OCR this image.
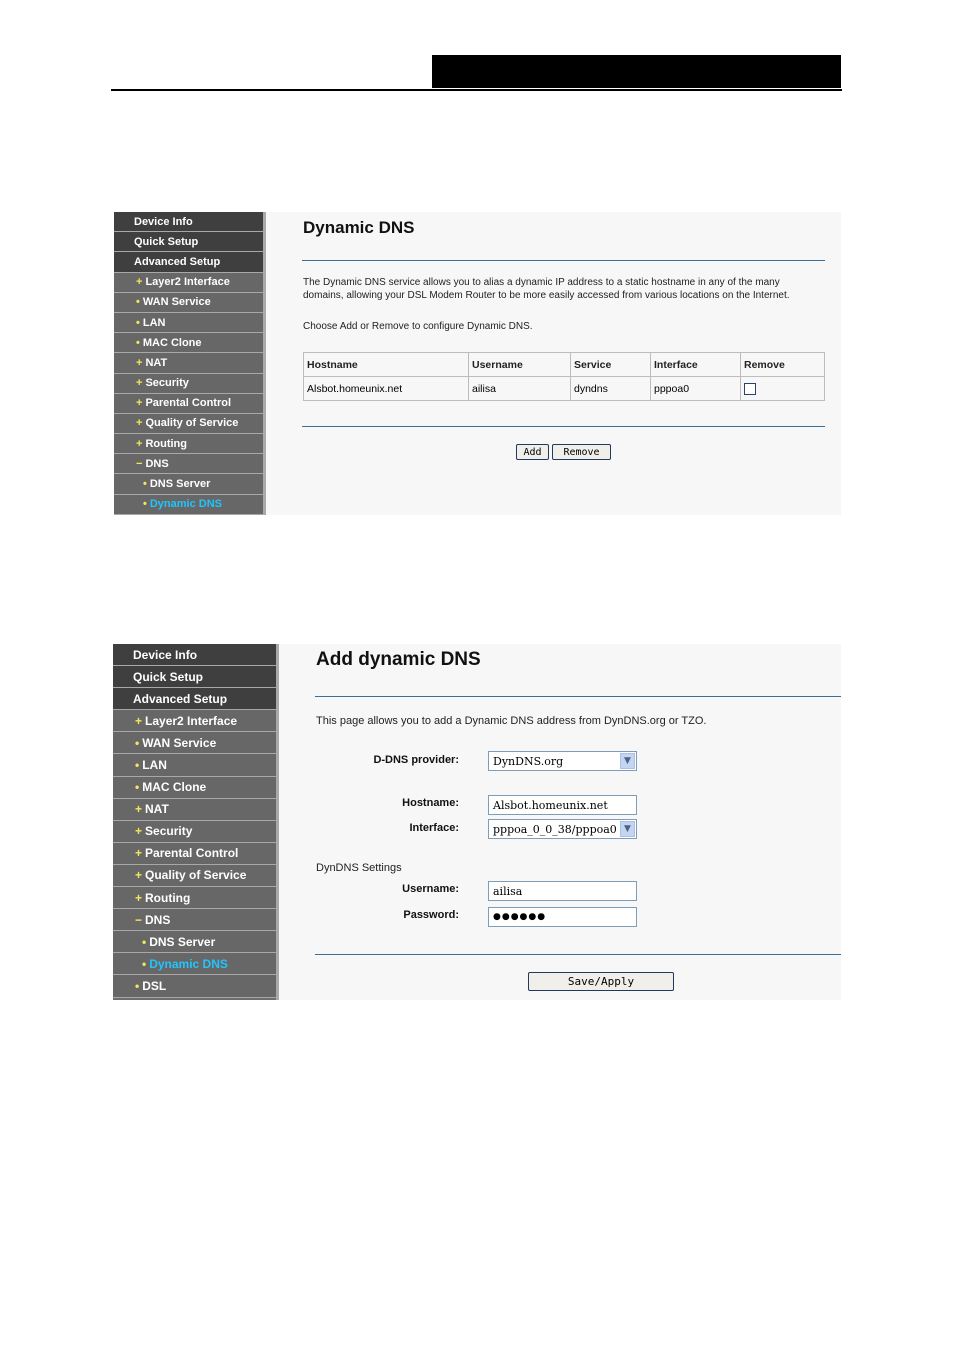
Device Info
Quick Setup
Advanced Setup
+ Layer2 Interface
• WAN Service
• LAN
• MAC Clone
+ NAT
+ Security
+ Parental Control
+ Quality of Service
+ Routing
− DNS
• DNS Server
• Dynamic DNS
Dynamic DNS
The Dynamic DNS service allows you to alias a dynamic IP address to a static hostname in any of the many
domains, allowing your DSL Modem Router to be more easily accessed from various locations on the Internet.
Choose Add or Remove to configure Dynamic DNS.
Hostname	Username	Service	Interface	Remove
Alsbot.homeunix.net	ailisa	dyndns	pppoa0	
Add	Remove
Device Info
Quick Setup
Advanced Setup
+ Layer2 Interface
• WAN Service
• LAN
• MAC Clone
+ NAT
+ Security
+ Parental Control
+ Quality of Service
+ Routing
− DNS
• DNS Server
• Dynamic DNS
• DSL
Add dynamic DNS
This page allows you to add a Dynamic DNS address from DynDNS.org or TZO.
D-DNS provider:	DynDNS.org	▼
Hostname:	Alsbot.homeunix.net
Interface:	pppoa_0_0_38/pppoa0 ▼
DynDNS Settings
Username:	ailisa
Password:	●●●●●●
Save/Apply
